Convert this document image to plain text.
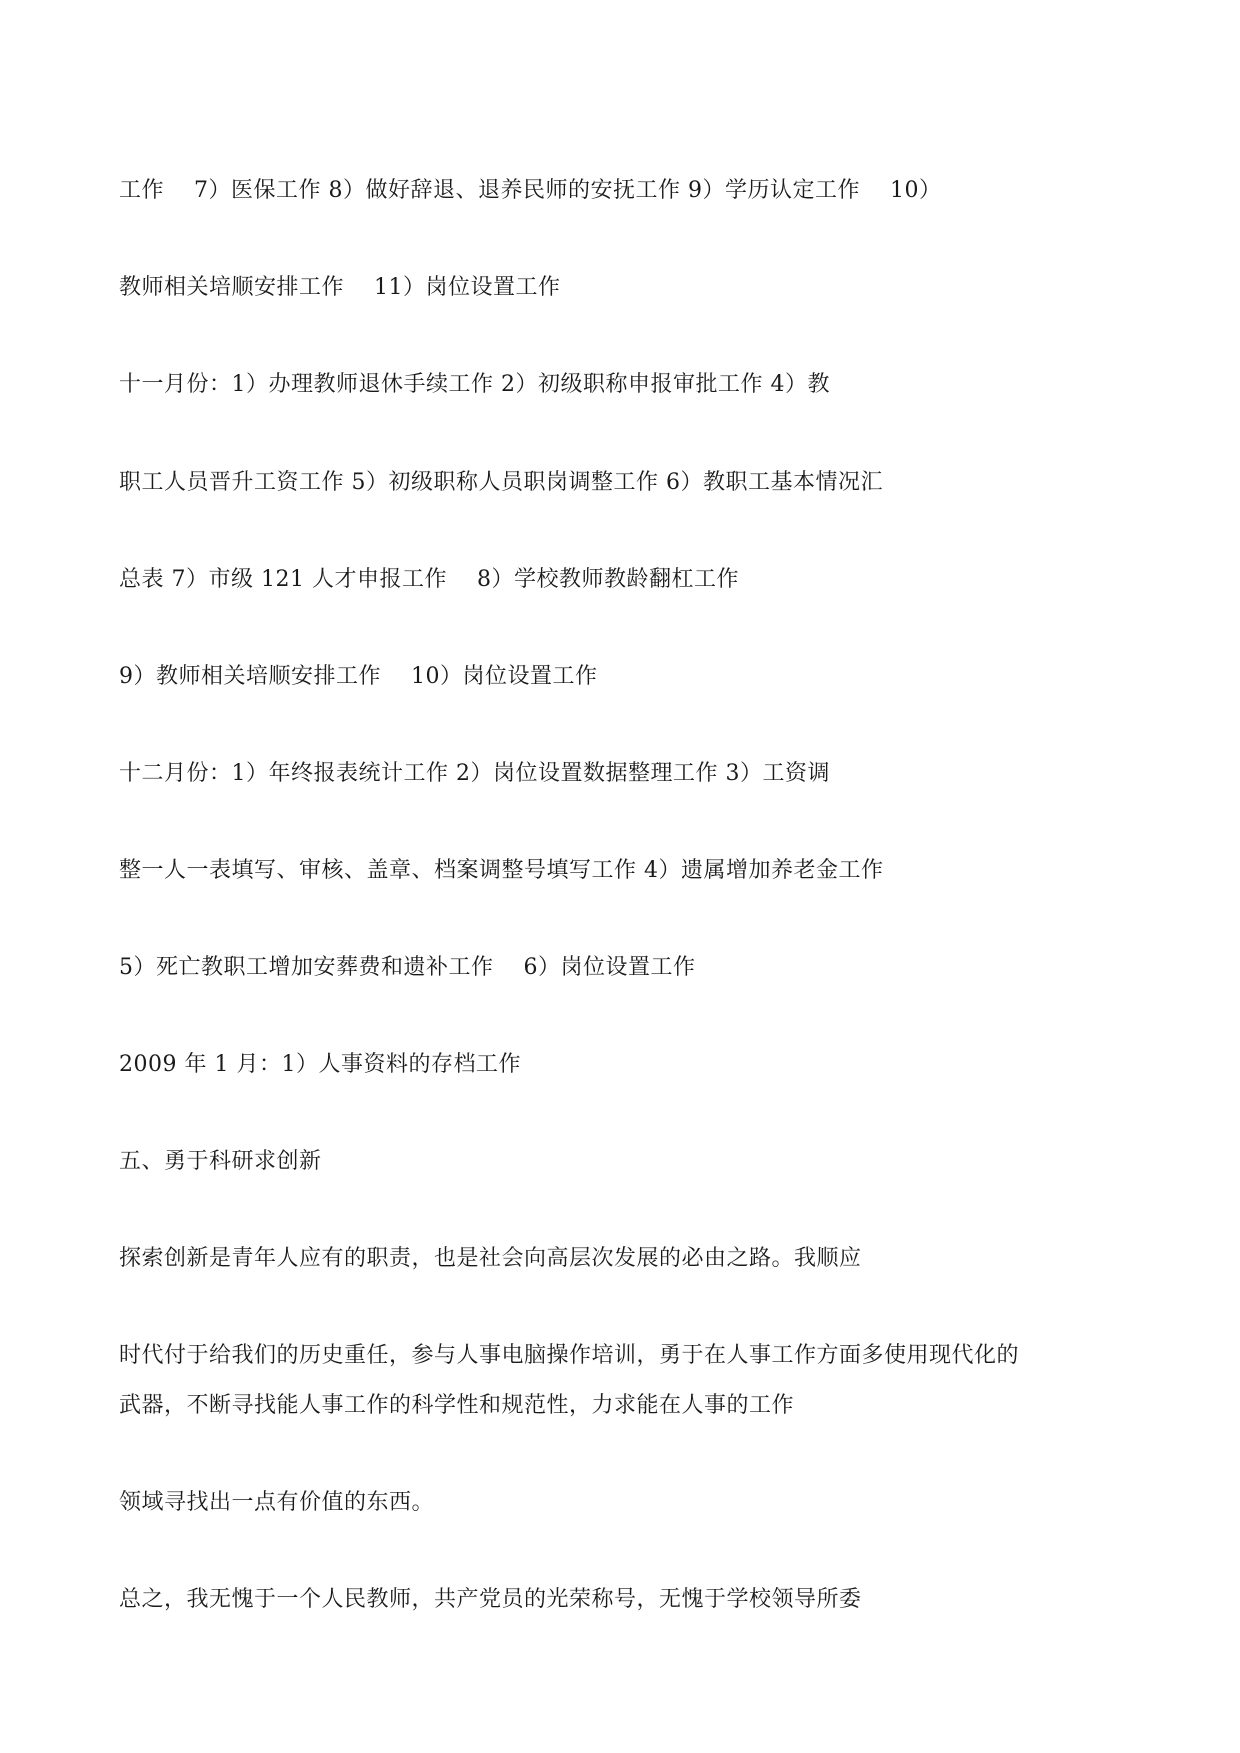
工作　 7）医保工作 8）做好辞退、退养民师的安抚工作 9）学历认定工作　 10）
教师相关培顺安排工作　 11）岗位设置工作
十一月份：1）办理教师退休手续工作 2）初级职称申报审批工作 4）教
职工人员晋升工资工作 5）初级职称人员职岗调整工作 6）教职工基本情况汇
总表 7）市级 121 人才申报工作　 8）学校教师教龄翻杠工作
9）教师相关培顺安排工作　 10）岗位设置工作
十二月份：1）年终报表统计工作 2）岗位设置数据整理工作 3）工资调
整一人一表填写、审核、盖章、档案调整号填写工作 4）遗属增加养老金工作
5）死亡教职工增加安葬费和遗补工作　 6）岗位设置工作
2009 年 1 月：1）人事资料的存档工作
五、勇于科研求创新
探索创新是青年人应有的职责，也是社会向高层次发展的必由之路。我顺应
时代付于给我们的历史重任，参与人事电脑操作培训，勇于在人事工作方面多使用现代化的
武器，不断寻找能人事工作的科学性和规范性，力求能在人事的工作
领域寻找出一点有价值的东西。
总之，我无愧于一个人民教师，共产党员的光荣称号，无愧于学校领导所委
